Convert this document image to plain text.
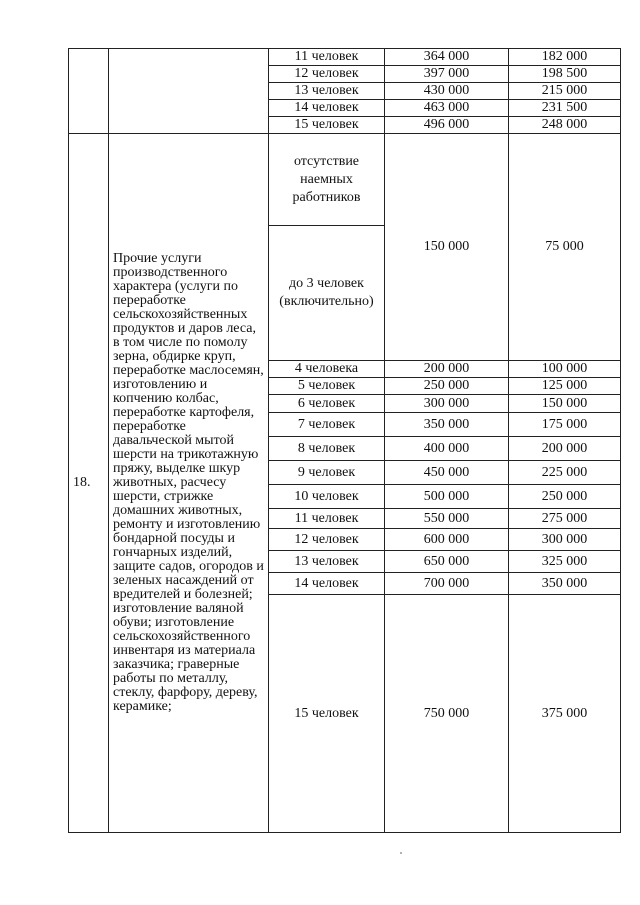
		11 человек	364 000	182 000
		12 человек	397 000	198 500
		13 человек	430 000	215 000
		14 человек	463 000	231 500
		15 человек	496 000	248 000
18.	Прочие услуги производственного характера (услуги по переработке сельскохозяйственных продуктов и даров леса, в том числе по помолу зерна, обдирке круп, переработке маслосемян, изготовлению и копчению колбас, переработке картофеля, переработке давальческой мытой шерсти на трикотажную пряжу, выделке шкур животных, расчесу шерсти, стрижке домашних животных, ремонту и изготовлению бондарной посуды и гончарных изделий, защите садов, огородов и зеленых насаждений от вредителей и болезней; изготовление валяной обуви; изготовление сельскохозяйственного инвентаря из материала заказчика; граверные работы по металлу, стеклу, фарфору, дереву, керамике;	отсутствие наемных работников	150 000	75 000
		до 3 человек (включительно)		
		4 человека	200 000	100 000
		5 человек	250 000	125 000
		6 человек	300 000	150 000
		7 человек	350 000	175 000
		8 человек	400 000	200 000
		9 человек	450 000	225 000
		10 человек	500 000	250 000
		11 человек	550 000	275 000
		12 человек	600 000	300 000
		13 человек	650 000	325 000
		14 человек	700 000	350 000
		15 человек	750 000	375 000
